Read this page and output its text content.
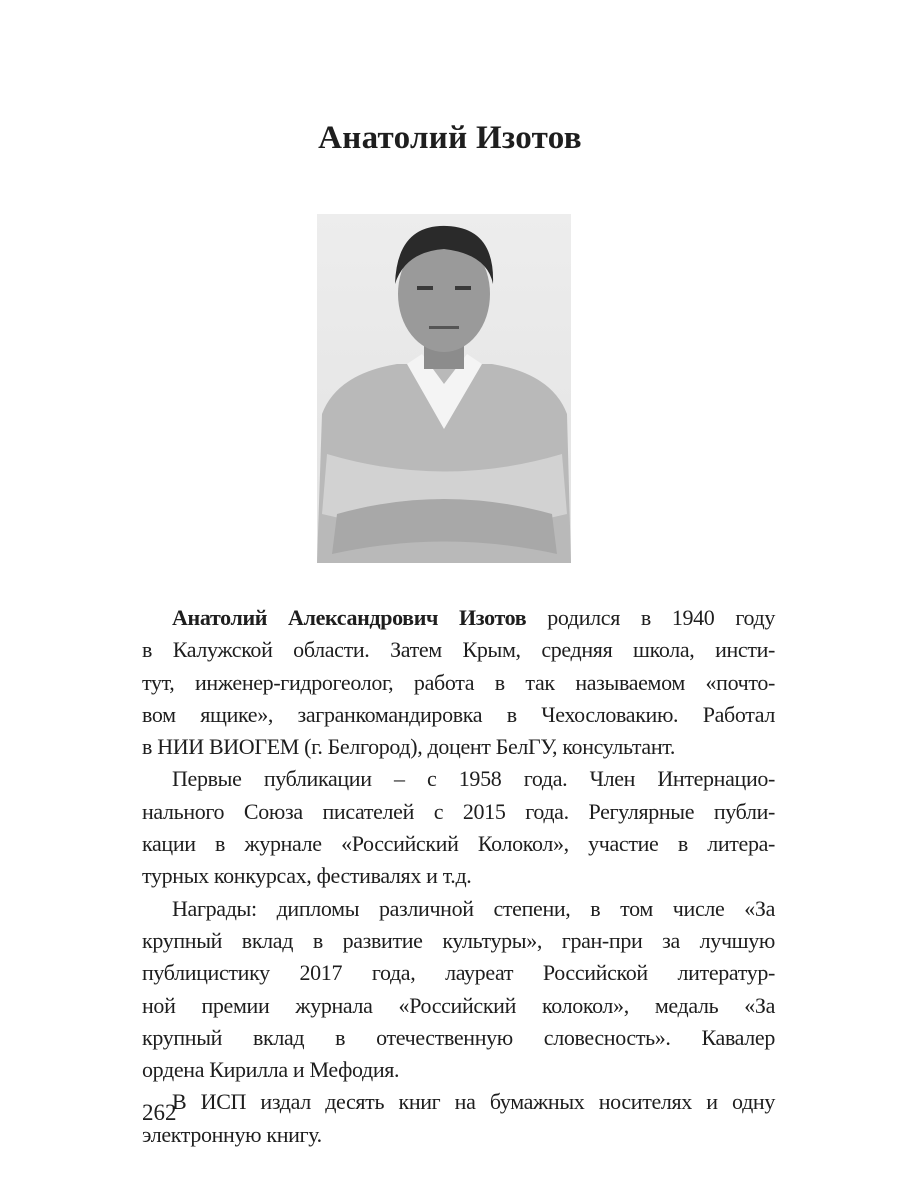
Анатолий Изотов
Анатолий Александрович Изотов родился в 1940 году
в Калужской области. Затем Крым, средняя школа, инсти-
тут, инженер-гидрогеолог, работа в так называемом «почто-
вом ящике», загранкомандировка в Чехословакию. Работал
в НИИ ВИОГЕМ (г. Белгород), доцент БелГУ, консультант.
Первые публикации – с 1958 года. Член Интернацио-
нального Союза писателей с 2015 года. Регулярные публи-
кации в журнале «Российский Колокол», участие в литера-
турных конкурсах, фестивалях и т.д.
Награды: дипломы различной степени, в том числе «За
крупный вклад в развитие культуры», гран-при за лучшую
публицистику 2017 года, лауреат Российской литератур-
ной премии журнала «Российский колокол», медаль «За
крупный вклад в отечественную словесность». Кавалер
ордена Кирилла и Мефодия.
В ИСП издал десять книг на бумажных носителях и одну
электронную книгу.
262
